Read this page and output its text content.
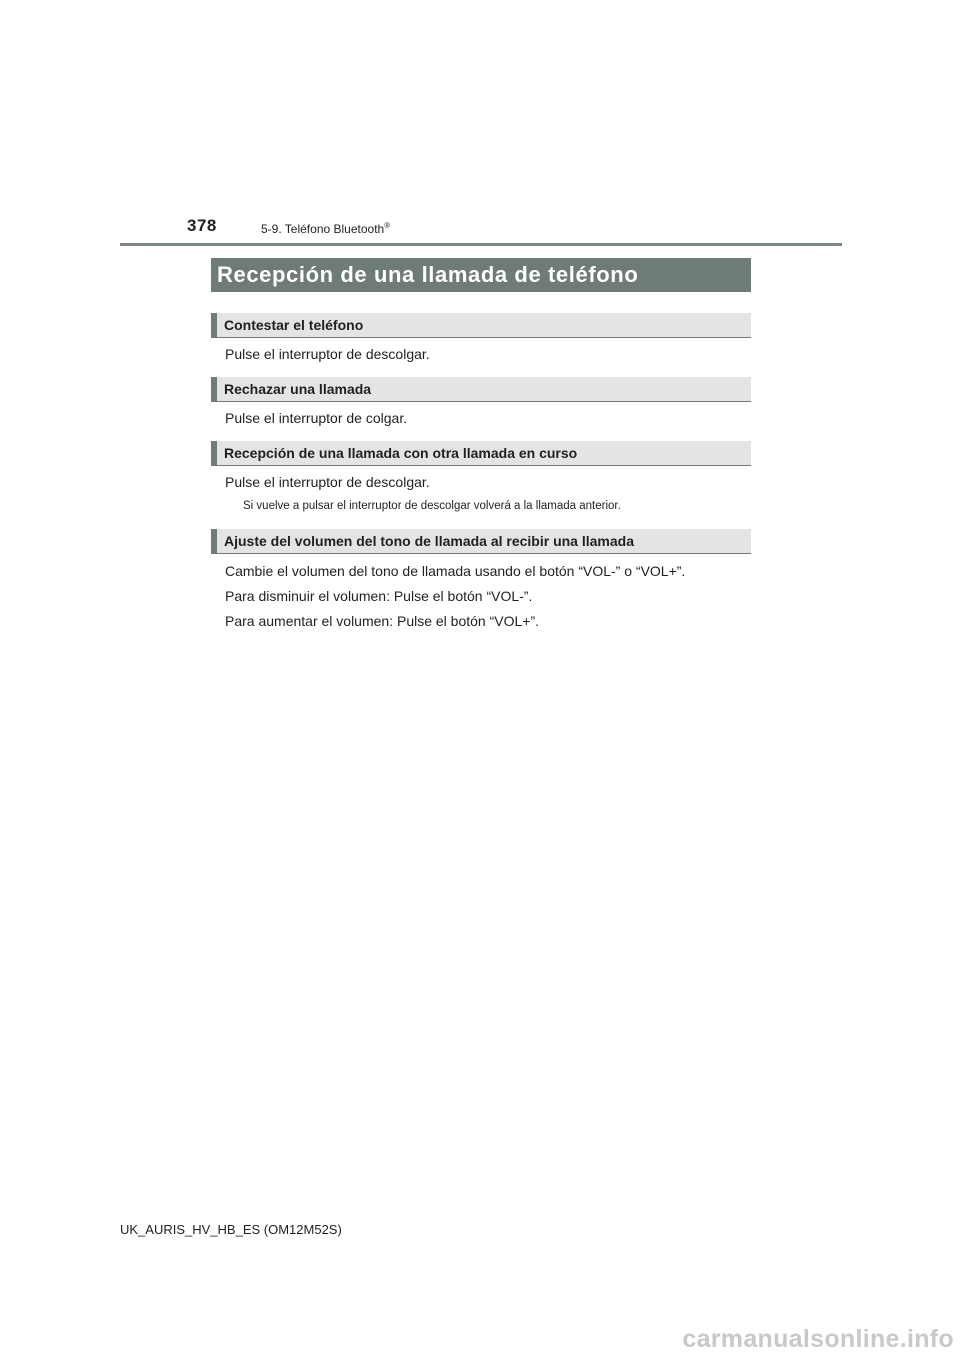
378	5-9. Teléfono Bluetooth®
Recepción de una llamada de teléfono
Contestar el teléfono
Pulse el interruptor de descolgar.
Rechazar una llamada
Pulse el interruptor de colgar.
Recepción de una llamada con otra llamada en curso
Pulse el interruptor de descolgar.
Si vuelve a pulsar el interruptor de descolgar volverá a la llamada anterior.
Ajuste del volumen del tono de llamada al recibir una llamada
Cambie el volumen del tono de llamada usando el botón “VOL-” o “VOL+”.
Para disminuir el volumen: Pulse el botón “VOL-”.
Para aumentar el volumen: Pulse el botón “VOL+”.
UK_AURIS_HV_HB_ES (OM12M52S)
carmanualsonline.info
